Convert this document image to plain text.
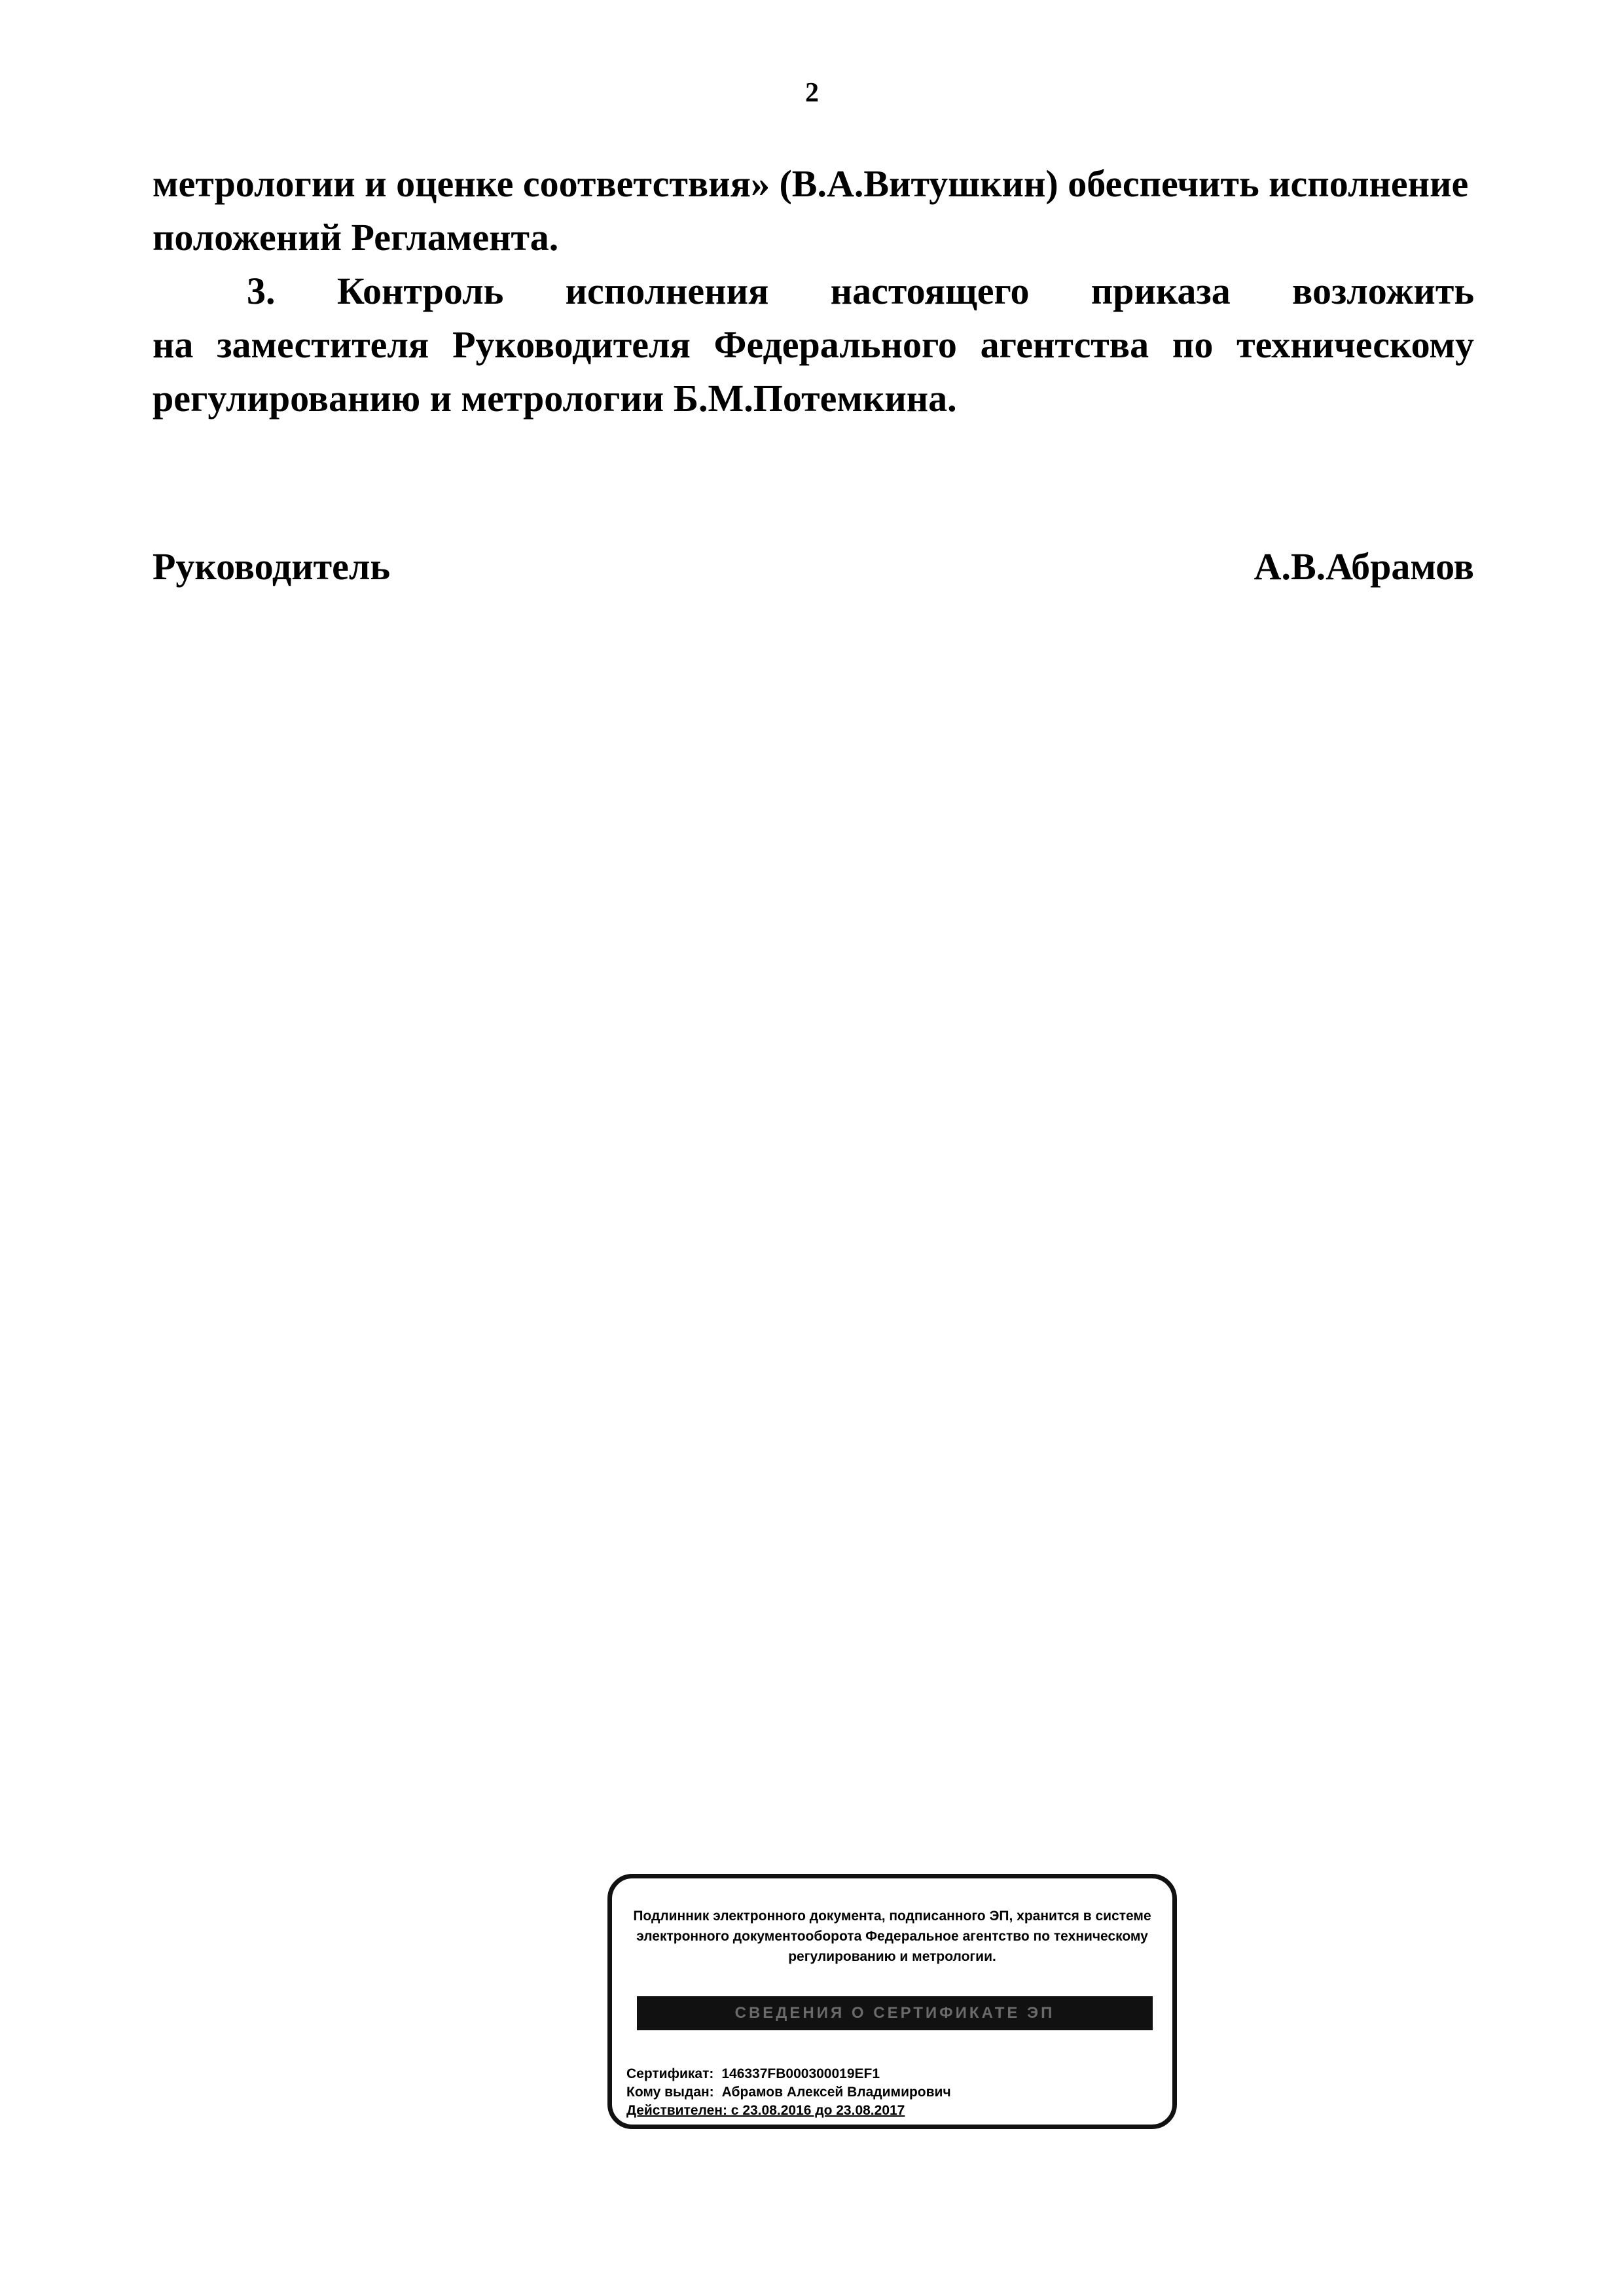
2

метрологии и оценке соответствия» (В.А.Витушкин) обеспечить исполнение
положений Регламента.

3. Контроль исполнения настоящего приказа возложить

на заместителя Руководителя Федерального агентства по техническому регулированию и метрологии Б.М.Потемкина.

Руководитель	А.В.Абрамов
Подлинник электронного документа, подписанного ЭП, хранится в системе электронного документооборота Федеральное агентство по техническому регулированию и метрологии.
СВЕДЕНИЯ О СЕРТИФИКАТЕ ЭП
Сертификат: 146337FB000300019EF1
Кому выдан: Абрамов Алексей Владимирович
Действителен: с 23.08.2016 до 23.08.2017
